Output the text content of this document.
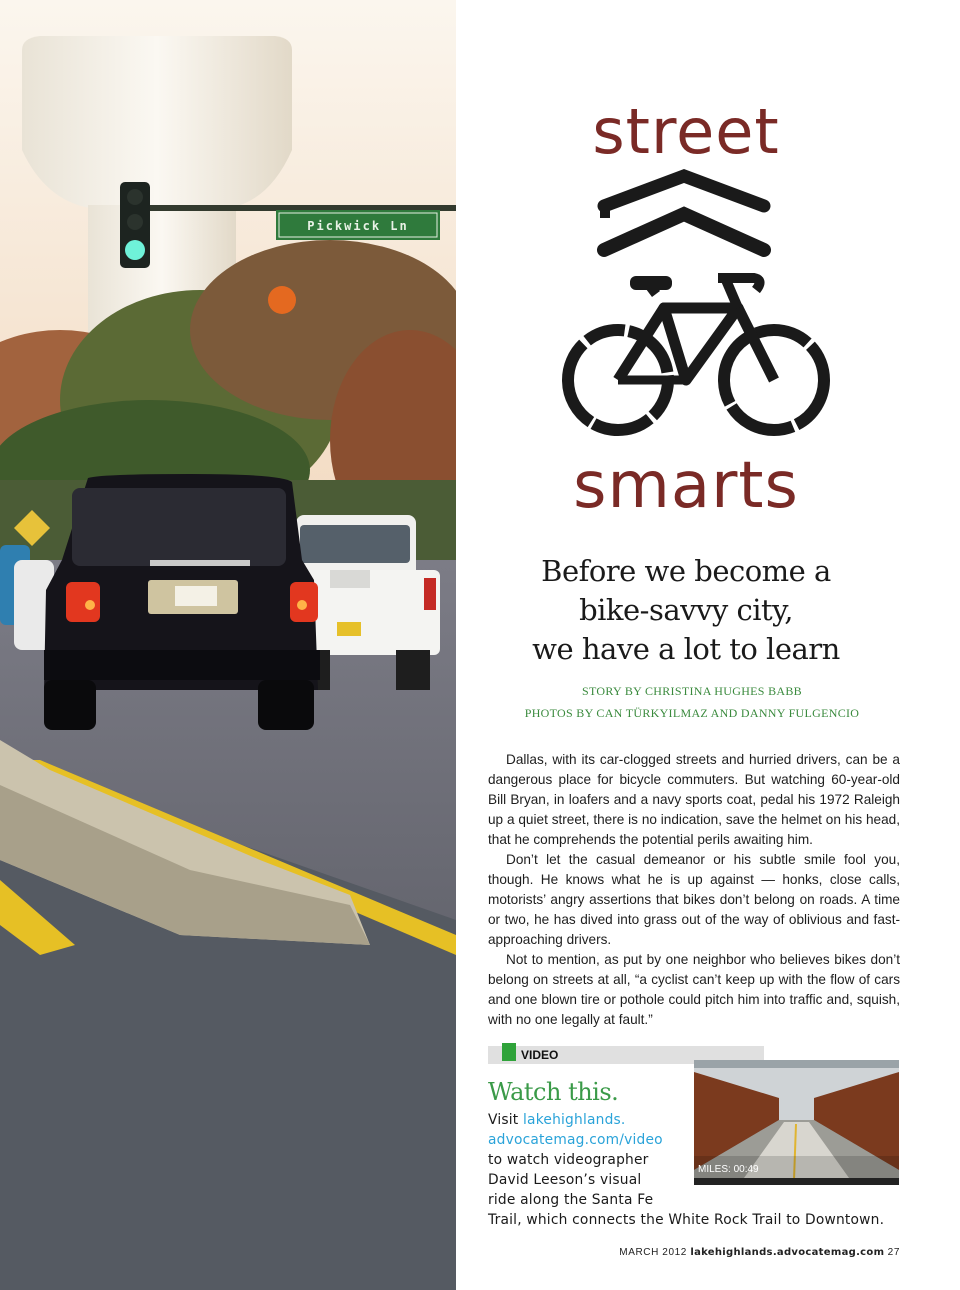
Pickwick Ln
street
smarts
Before we become a
bike-savvy city,
we have a lot to learn
STORY BY CHRISTINA HUGHES BABB
PHOTOS BY CAN TÜRKYILMAZ AND DANNY FULGENCIO

Dallas, with its car-clogged streets and hurried drivers, can be a dangerous place for bicycle commuters. But watching 60-year-old Bill Bryan, in loafers and a navy sports coat, pedal his 1972 Raleigh up a quiet street, there is no indication, save the helmet on his head, that he comprehends the potential perils awaiting him.

Don’t let the casual demeanor or his subtle smile fool you, though. He knows what he is up against — honks, close calls, motorists’ angry assertions that bikes don’t belong on roads. A time or two, he has dived into grass out of the way of oblivious and fast-approaching drivers.

Not to mention, as put by one neighbor who believes bikes don’t belong on streets at all, “a cyclist can’t keep up with the flow of cars and one blown tire or pothole could pitch him into traffic and, squish, with no one legally at fault.”

VIDEO
Watch this.
Visit lakehighlands.
advocatemag.com/video
to watch videographer
David Leeson’s visual
ride along the Santa Fe
Trail, which connects the White Rock Trail to Downtown.
MILES: 00:49
MARCH 2012 lakehighlands.advocatemag.com 27
